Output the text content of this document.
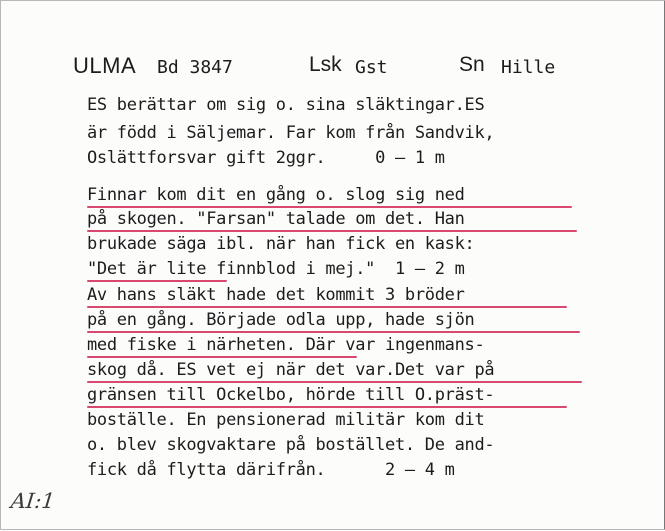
ULMA Bd 3847	Lsk Gst	Sn Hille
ES berättar om sig o. sina släktingar.ES
är född i Säljemar. Far kom från Sandvik,
Oslättforsvar gift 2ggr.     0 – 1 m
Finnar kom dit en gång o. slog sig ned
på skogen. "Farsan" talade om det. Han
brukade säga ibl. när han fick en kask:
"Det är lite finnblod i mej."  1 – 2 m
Av hans släkt hade det kommit 3 bröder
på en gång. Började odla upp, hade sjön
med fiske i närheten. Där var ingenmans-
skog då. ES vet ej när det var.Det var på
gränsen till Ockelbo, hörde till O.präst-
boställe. En pensionerad militär kom dit
o. blev skogvaktare på bostället. De and-
fick då flytta därifrån.      2 – 4 m
AI:1
